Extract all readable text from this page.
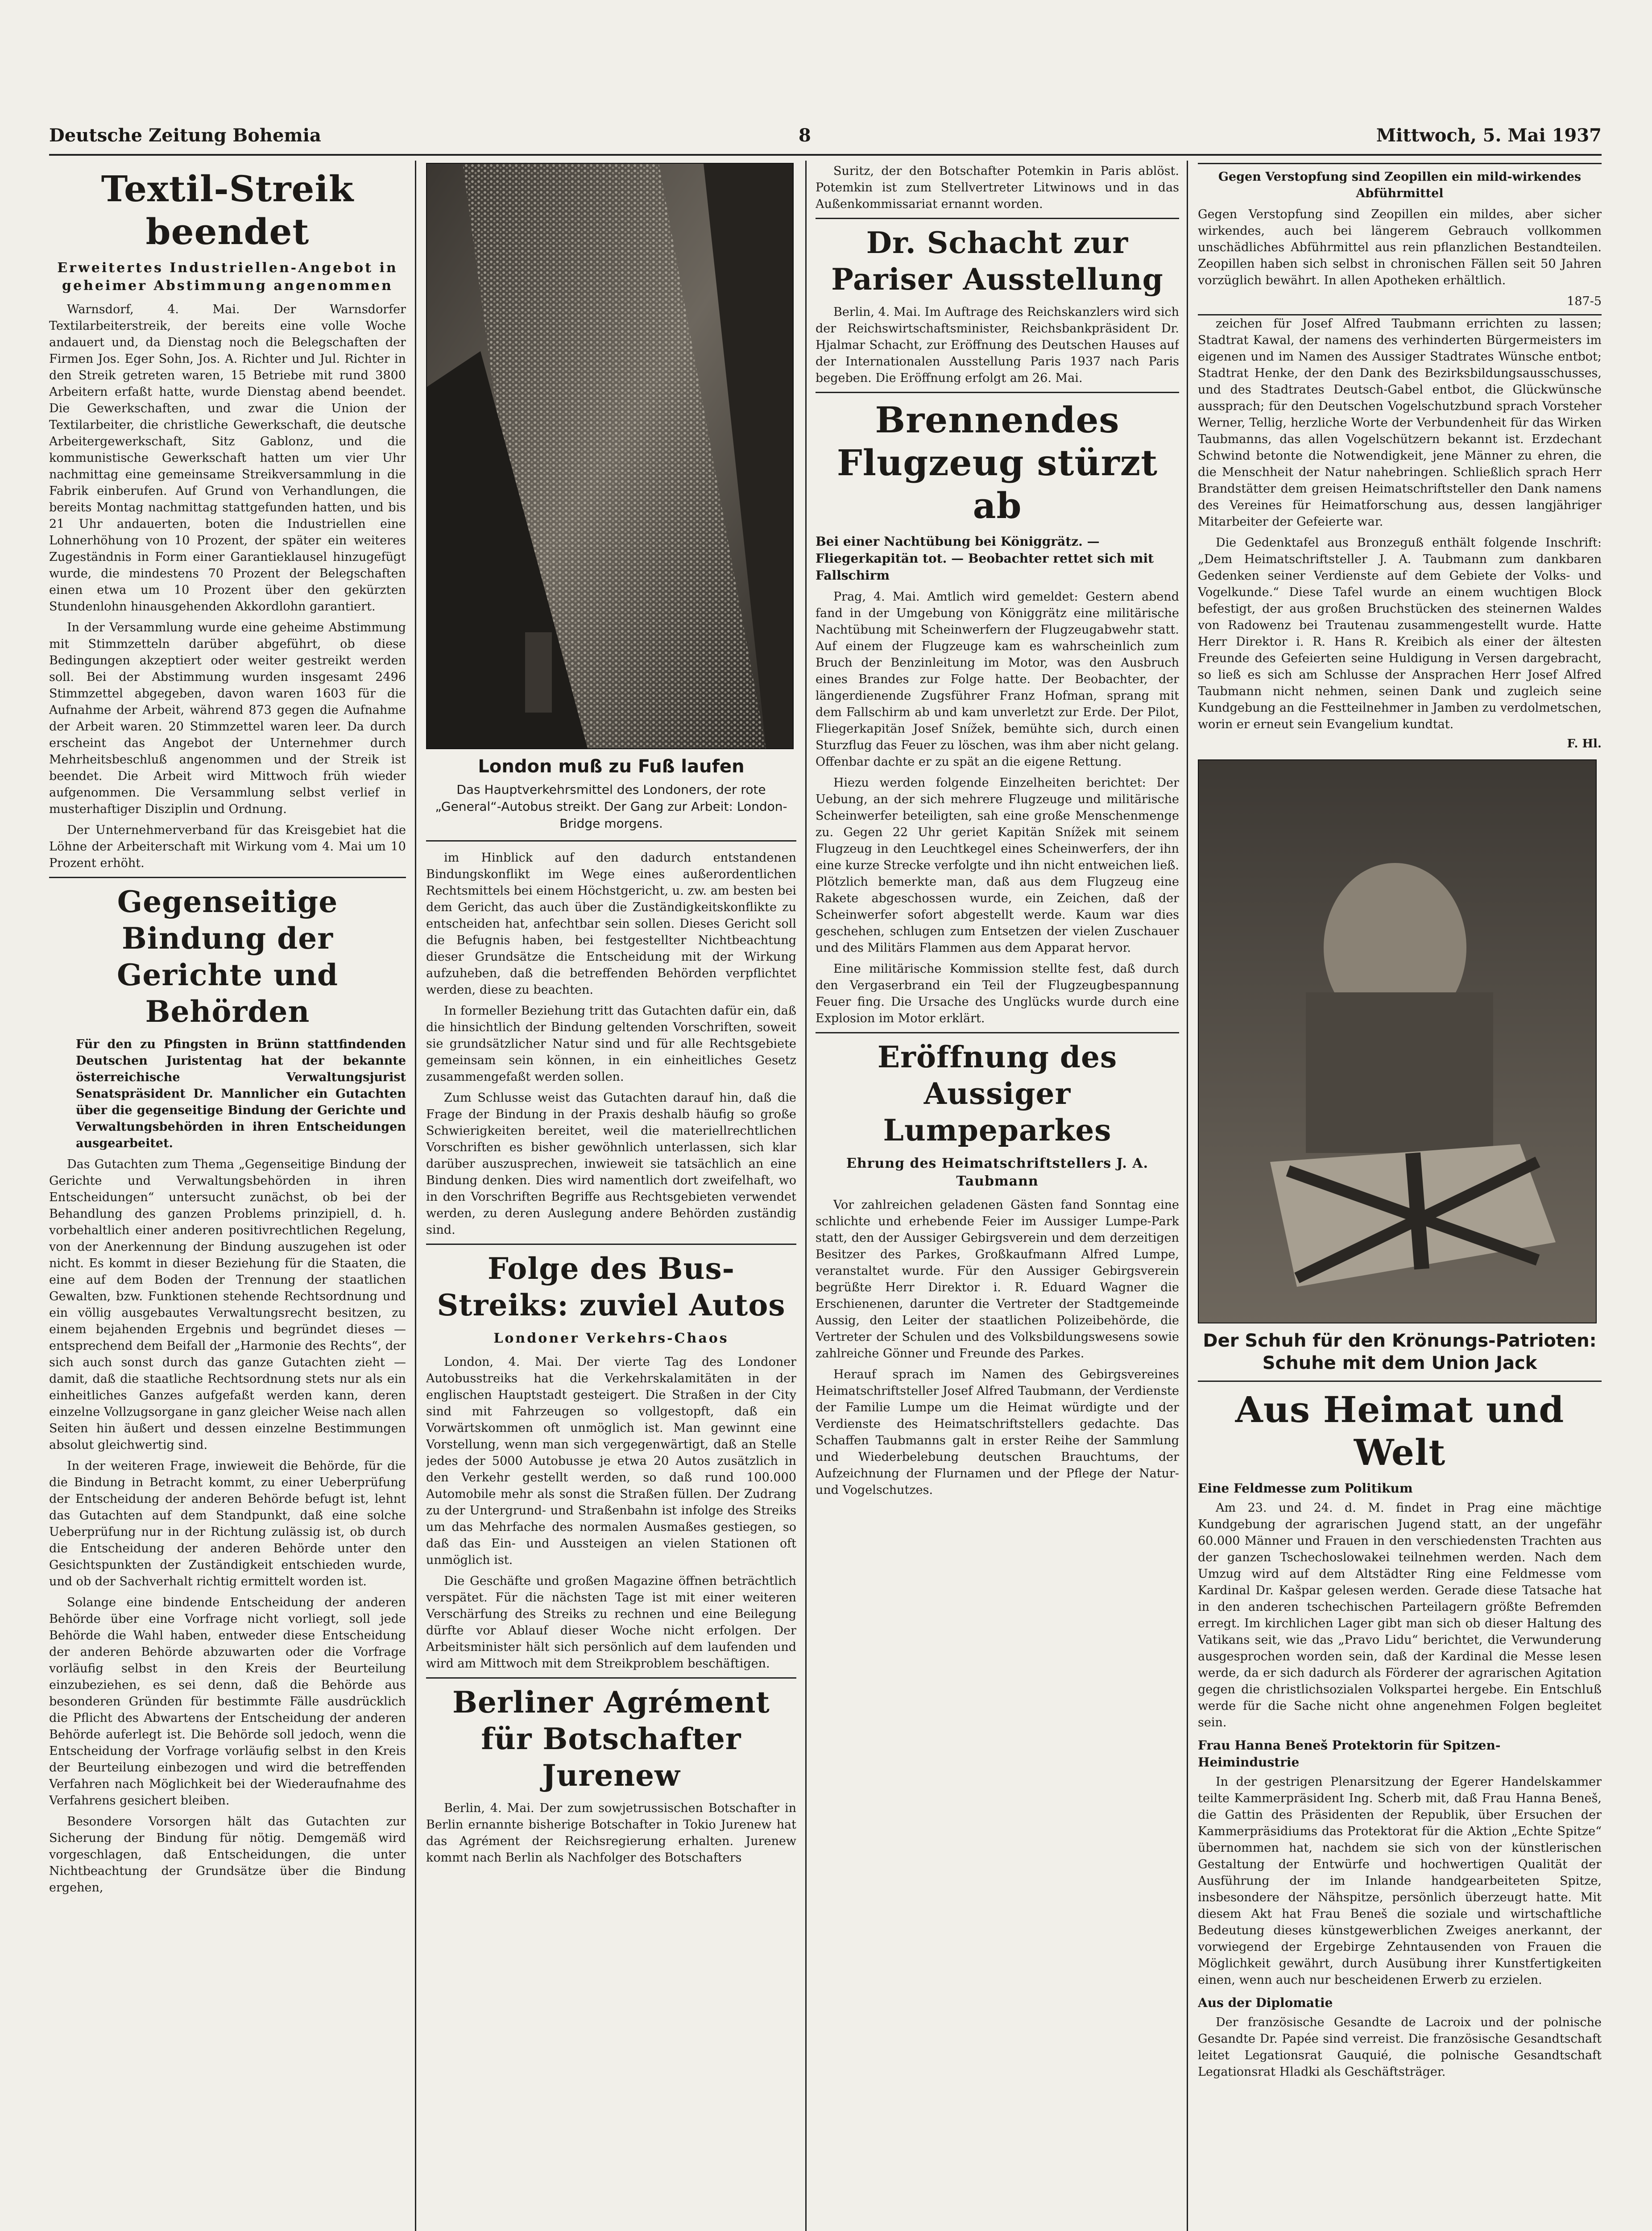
Deutsche Zeitung Bohemia	8	Mittwoch, 5. Mai 1937
Textil-Streik beendet
Erweitertes Industriellen-Angebot in geheimer Abstimmung angenommen

Warnsdorf, 4. Mai. Der Warnsdorfer Textilarbeiterstreik, der bereits eine volle Woche andauert und, da Dienstag noch die Belegschaften der Firmen Jos. Eger Sohn, Jos. A. Richter und Jul. Richter in den Streik getreten waren, 15 Betriebe mit rund 3800 Arbeitern erfaßt hatte, wurde Dienstag abend beendet. Die Gewerkschaften, und zwar die Union der Textilarbeiter, die christliche Gewerkschaft, die deutsche Arbeitergewerkschaft, Sitz Gablonz, und die kommunistische Gewerkschaft hatten um vier Uhr nachmittag eine gemeinsame Streikversammlung in die Fabrik einberufen. Auf Grund von Verhandlungen, die bereits Montag nachmittag stattgefunden hatten, und bis 21 Uhr andauerten, boten die Industriellen eine Lohnerhöhung von 10 Prozent, der später ein weiteres Zugeständnis in Form einer Garantieklausel hinzugefügt wurde, die mindestens 70 Prozent der Belegschaften einen etwa um 10 Prozent über den gekürzten Stundenlohn hinausgehenden Akkordlohn garantiert.

In der Versammlung wurde eine geheime Abstimmung mit Stimmzetteln darüber abgeführt, ob diese Bedingungen akzeptiert oder weiter gestreikt werden soll. Bei der Abstimmung wurden insgesamt 2496 Stimmzettel abgegeben, davon waren 1603 für die Aufnahme der Arbeit, während 873 gegen die Aufnahme der Arbeit waren. 20 Stimmzettel waren leer. Da durch erscheint das Angebot der Unternehmer durch Mehrheitsbeschluß angenommen und der Streik ist beendet. Die Arbeit wird Mittwoch früh wieder aufgenommen. Die Versammlung selbst verlief in musterhaftiger Disziplin und Ordnung.

Der Unternehmerverband für das Kreisgebiet hat die Löhne der Arbeiterschaft mit Wirkung vom 4. Mai um 10 Prozent erhöht.

Gegenseitige Bindung der Gerichte und Behörden

Für den zu Pfingsten in Brünn stattfindenden Deutschen Juristentag hat der bekannte österreichische Verwaltungsjurist Senatspräsident Dr. Mannlicher ein Gutachten über die gegenseitige Bindung der Gerichte und Verwaltungsbehörden in ihren Entscheidungen ausgearbeitet.

Das Gutachten zum Thema „Gegenseitige Bindung der Gerichte und Verwaltungsbehörden in ihren Entscheidungen“ untersucht zunächst, ob bei der Behandlung des ganzen Problems prinzipiell, d. h. vorbehaltlich einer anderen positivrechtlichen Regelung, von der Anerkennung der Bindung auszugehen ist oder nicht. Es kommt in dieser Beziehung für die Staaten, die eine auf dem Boden der Trennung der staatlichen Gewalten, bzw. Funktionen stehende Rechtsordnung und ein völlig ausgebautes Verwaltungsrecht besitzen, zu einem bejahenden Ergebnis und begründet dieses — entsprechend dem Beifall der „Harmonie des Rechts“, der sich auch sonst durch das ganze Gutachten zieht — damit, daß die staatliche Rechtsordnung stets nur als ein einheitliches Ganzes aufgefaßt werden kann, deren einzelne Vollzugsorgane in ganz gleicher Weise nach allen Seiten hin äußert und dessen einzelne Bestimmungen absolut gleichwertig sind.

In der weiteren Frage, inwieweit die Behörde, für die die Bindung in Betracht kommt, zu einer Ueberprüfung der Entscheidung der anderen Behörde befugt ist, lehnt das Gutachten auf dem Standpunkt, daß eine solche Ueberprüfung nur in der Richtung zulässig ist, ob durch die Entscheidung der anderen Behörde unter den Gesichtspunkten der Zuständigkeit entschieden wurde, und ob der Sachverhalt richtig ermittelt worden ist.

Solange eine bindende Entscheidung der anderen Behörde über eine Vorfrage nicht vorliegt, soll jede Behörde die Wahl haben, entweder diese Entscheidung der anderen Behörde abzuwarten oder die Vorfrage vorläufig selbst in den Kreis der Beurteilung einzubeziehen, es sei denn, daß die Behörde aus besonderen Gründen für bestimmte Fälle ausdrücklich die Pflicht des Abwartens der Entscheidung der anderen Behörde auferlegt ist. Die Behörde soll jedoch, wenn die Entscheidung der Vorfrage vorläufig selbst in den Kreis der Beurteilung einbezogen und wird die betreffenden Verfahren nach Möglichkeit bei der Wiederaufnahme des Verfahrens gesichert bleiben.

Besondere Vorsorgen hält das Gutachten zur Sicherung der Bindung für nötig. Demgemäß wird vorgeschlagen, daß Entscheidungen, die unter Nichtbeachtung der Grundsätze über die Bindung ergehen,

London muß zu Fuß laufen
Das Hauptverkehrsmittel des Londoners, der rote „General“-Autobus streikt. Der Gang zur Arbeit: London-Bridge morgens.

im Hinblick auf den dadurch entstandenen Bindungskonflikt im Wege eines außerordentlichen Rechtsmittels bei einem Höchstgericht, u. zw. am besten bei dem Gericht, das auch über die Zuständigkeitskonflikte zu entscheiden hat, anfechtbar sein sollen. Dieses Gericht soll die Befugnis haben, bei festgestellter Nichtbeachtung dieser Grundsätze die Entscheidung mit der Wirkung aufzuheben, daß die betreffenden Behörden verpflichtet werden, diese zu beachten.

In formeller Beziehung tritt das Gutachten dafür ein, daß die hinsichtlich der Bindung geltenden Vorschriften, soweit sie grundsätzlicher Natur sind und für alle Rechtsgebiete gemeinsam sein können, in ein einheitliches Gesetz zusammengefaßt werden sollen.

Zum Schlusse weist das Gutachten darauf hin, daß die Frage der Bindung in der Praxis deshalb häufig so große Schwierigkeiten bereitet, weil die materiellrechtlichen Vorschriften es bisher gewöhnlich unterlassen, sich klar darüber auszusprechen, inwieweit sie tatsächlich an eine Bindung denken. Dies wird namentlich dort zweifelhaft, wo in den Vorschriften Begriffe aus Rechtsgebieten verwendet werden, zu deren Auslegung andere Behörden zuständig sind.

Folge des Bus-Streiks: zuviel Autos
Londoner Verkehrs-Chaos

London, 4. Mai. Der vierte Tag des Londoner Autobusstreiks hat die Verkehrskalamitäten in der englischen Hauptstadt gesteigert. Die Straßen in der City sind mit Fahrzeugen so vollgestopft, daß ein Vorwärtskommen oft unmöglich ist. Man gewinnt eine Vorstellung, wenn man sich vergegenwärtigt, daß an Stelle jedes der 5000 Autobusse je etwa 20 Autos zusätzlich in den Verkehr gestellt werden, so daß rund 100.000 Automobile mehr als sonst die Straßen füllen. Der Zudrang zu der Untergrund- und Straßenbahn ist infolge des Streiks um das Mehrfache des normalen Ausmaßes gestiegen, so daß das Ein- und Aussteigen an vielen Stationen oft unmöglich ist.

Die Geschäfte und großen Magazine öffnen beträchtlich verspätet. Für die nächsten Tage ist mit einer weiteren Verschärfung des Streiks zu rechnen und eine Beilegung dürfte vor Ablauf dieser Woche nicht erfolgen. Der Arbeitsminister hält sich persönlich auf dem laufenden und wird am Mittwoch mit dem Streikproblem beschäftigen.

Berliner Agrément für Botschafter Jurenew

Berlin, 4. Mai. Der zum sowjetrussischen Botschafter in Berlin ernannte bisherige Botschafter in Tokio Jurenew hat das Agrément der Reichsregierung erhalten. Jurenew kommt nach Berlin als Nachfolger des Botschafters

Suritz, der den Botschafter Potemkin in Paris ablöst. Potemkin ist zum Stellvertreter Litwinows und in das Außenkommissariat ernannt worden.

Dr. Schacht zur Pariser Ausstellung

Berlin, 4. Mai. Im Auftrage des Reichskanzlers wird sich der Reichswirtschaftsminister, Reichsbankpräsident Dr. Hjalmar Schacht, zur Eröffnung des Deutschen Hauses auf der Internationalen Ausstellung Paris 1937 nach Paris begeben. Die Eröffnung erfolgt am 26. Mai.

Brennendes Flugzeug stürzt ab
Bei einer Nachtübung bei Königgrätz. — Fliegerkapitän tot. — Beobachter rettet sich mit Fallschirm

Prag, 4. Mai. Amtlich wird gemeldet: Gestern abend fand in der Umgebung von Königgrätz eine militärische Nachtübung mit Scheinwerfern der Flugzeugabwehr statt. Auf einem der Flugzeuge kam es wahrscheinlich zum Bruch der Benzinleitung im Motor, was den Ausbruch eines Brandes zur Folge hatte. Der Beobachter, der längerdienende Zugsführer Franz Hofman, sprang mit dem Fallschirm ab und kam unverletzt zur Erde. Der Pilot, Fliegerkapitän Josef Snížek, bemühte sich, durch einen Sturzflug das Feuer zu löschen, was ihm aber nicht gelang. Offenbar dachte er zu spät an die eigene Rettung.

Hiezu werden folgende Einzelheiten berichtet: Der Uebung, an der sich mehrere Flugzeuge und militärische Scheinwerfer beteiligten, sah eine große Menschenmenge zu. Gegen 22 Uhr geriet Kapitän Snížek mit seinem Flugzeug in den Leuchtkegel eines Scheinwerfers, der ihn eine kurze Strecke verfolgte und ihn nicht entweichen ließ. Plötzlich bemerkte man, daß aus dem Flugzeug eine Rakete abgeschossen wurde, ein Zeichen, daß der Scheinwerfer sofort abgestellt werde. Kaum war dies geschehen, schlugen zum Entsetzen der vielen Zuschauer und des Militärs Flammen aus dem Apparat hervor.

Eine militärische Kommission stellte fest, daß durch den Vergaserbrand ein Teil der Flugzeugbespannung Feuer fing. Die Ursache des Unglücks wurde durch eine Explosion im Motor erklärt.

Eröffnung des Aussiger Lumpeparkes
Ehrung des Heimatschriftstellers J. A. Taubmann

Vor zahlreichen geladenen Gästen fand Sonntag eine schlichte und erhebende Feier im Aussiger Lumpe-Park statt, den der Aussiger Gebirgsverein und dem derzeitigen Besitzer des Parkes, Großkaufmann Alfred Lumpe, veranstaltet wurde. Für den Aussiger Gebirgsverein begrüßte Herr Direktor i. R. Eduard Wagner die Erschienenen, darunter die Vertreter der Stadtgemeinde Aussig, den Leiter der staatlichen Polizeibehörde, die Vertreter der Schulen und des Volksbildungswesens sowie zahlreiche Gönner und Freunde des Parkes.

Herauf sprach im Namen des Gebirgsvereines Heimatschriftsteller Josef Alfred Taubmann, der Verdienste der Familie Lumpe um die Heimat würdigte und der Verdienste des Heimatschriftstellers gedachte. Das Schaffen Taubmanns galt in erster Reihe der Sammlung und Wiederbelebung deutschen Brauchtums, der Aufzeichnung der Flurnamen und der Pflege der Natur- und Vogelschutzes.

Gegen Verstopfung sind Zeopillen ein mild-wirkendes Abführmittel

Gegen Verstopfung sind Zeopillen ein mildes, aber sicher wirkendes, auch bei längerem Gebrauch vollkommen unschädliches Abführmittel aus rein pflanzlichen Bestandteilen. Zeopillen haben sich selbst in chronischen Fällen seit 50 Jahren vorzüglich bewährt. In allen Apotheken erhältlich.

187-5

zeichen für Josef Alfred Taubmann errichten zu lassen; Stadtrat Kawal, der namens des verhinderten Bürgermeisters im eigenen und im Namen des Aussiger Stadtrates Wünsche entbot; Stadtrat Henke, der den Dank des Bezirksbildungsausschusses, und des Stadtrates Deutsch-Gabel entbot, die Glückwünsche aussprach; für den Deutschen Vogelschutzbund sprach Vorsteher Werner, Tellig, herzliche Worte der Verbundenheit für das Wirken Taubmanns, das allen Vogelschützern bekannt ist. Erzdechant Schwind betonte die Notwendigkeit, jene Männer zu ehren, die die Menschheit der Natur nahebringen. Schließlich sprach Herr Brandstätter dem greisen Heimatschriftsteller den Dank namens des Vereines für Heimatforschung aus, dessen langjähriger Mitarbeiter der Gefeierte war.

Die Gedenktafel aus Bronzeguß enthält folgende Inschrift: „Dem Heimatschriftsteller J. A. Taubmann zum dankbaren Gedenken seiner Verdienste auf dem Gebiete der Volks- und Vogelkunde.“ Diese Tafel wurde an einem wuchtigen Block befestigt, der aus großen Bruchstücken des steinernen Waldes von Radowenz bei Trautenau zusammengestellt wurde. Hatte Herr Direktor i. R. Hans R. Kreibich als einer der ältesten Freunde des Gefeierten seine Huldigung in Versen dargebracht, so ließ es sich am Schlusse der Ansprachen Herr Josef Alfred Taubmann nicht nehmen, seinen Dank und zugleich seine Kundgebung an die Festteilnehmer in Jamben zu verdolmetschen, worin er erneut sein Evangelium kundtat.

F. Hl.
Der Schuh für den Krönungs-Patrioten: Schuhe mit dem Union Jack
Aus Heimat und Welt
Eine Feldmesse zum Politikum

Am 23. und 24. d. M. findet in Prag eine mächtige Kundgebung der agrarischen Jugend statt, an der ungefähr 60.000 Männer und Frauen in den verschiedensten Trachten aus der ganzen Tschechoslowakei teilnehmen werden. Nach dem Umzug wird auf dem Altstädter Ring eine Feldmesse vom Kardinal Dr. Kašpar gelesen werden. Gerade diese Tatsache hat in den anderen tschechischen Parteilagern größte Befremden erregt. Im kirchlichen Lager gibt man sich ob dieser Haltung des Vatikans seit, wie das „Pravo Lidu“ berichtet, die Verwunderung ausgesprochen worden sein, daß der Kardinal die Messe lesen werde, da er sich dadurch als Förderer der agrarischen Agitation gegen die christlichsozialen Volkspartei hergebe. Ein Entschluß werde für die Sache nicht ohne angenehmen Folgen begleitet sein.

Frau Hanna Beneš Protektorin für Spitzen-Heimindustrie

In der gestrigen Plenarsitzung der Egerer Handelskammer teilte Kammerpräsident Ing. Scherb mit, daß Frau Hanna Beneš, die Gattin des Präsidenten der Republik, über Ersuchen der Kammerpräsidiums das Protektorat für die Aktion „Echte Spitze“ übernommen hat, nachdem sie sich von der künstlerischen Gestaltung der Entwürfe und hochwertigen Qualität der Ausführung der im Inlande handgearbeiteten Spitze, insbesondere der Nähspitze, persönlich überzeugt hatte. Mit diesem Akt hat Frau Beneš die soziale und wirtschaftliche Bedeutung dieses künstgewerblichen Zweiges anerkannt, der vorwiegend der Ergebirge Zehntausenden von Frauen die Möglichkeit gewährt, durch Ausübung ihrer Kunstfertigkeiten einen, wenn auch nur bescheidenen Erwerb zu erzielen.

Aus der Diplomatie

Der französische Gesandte de Lacroix und der polnische Gesandte Dr. Papée sind verreist. Die französische Gesandtschaft leitet Legationsrat Gauquié, die polnische Gesandtschaft Legationsrat Hladki als Geschäftsträger.
